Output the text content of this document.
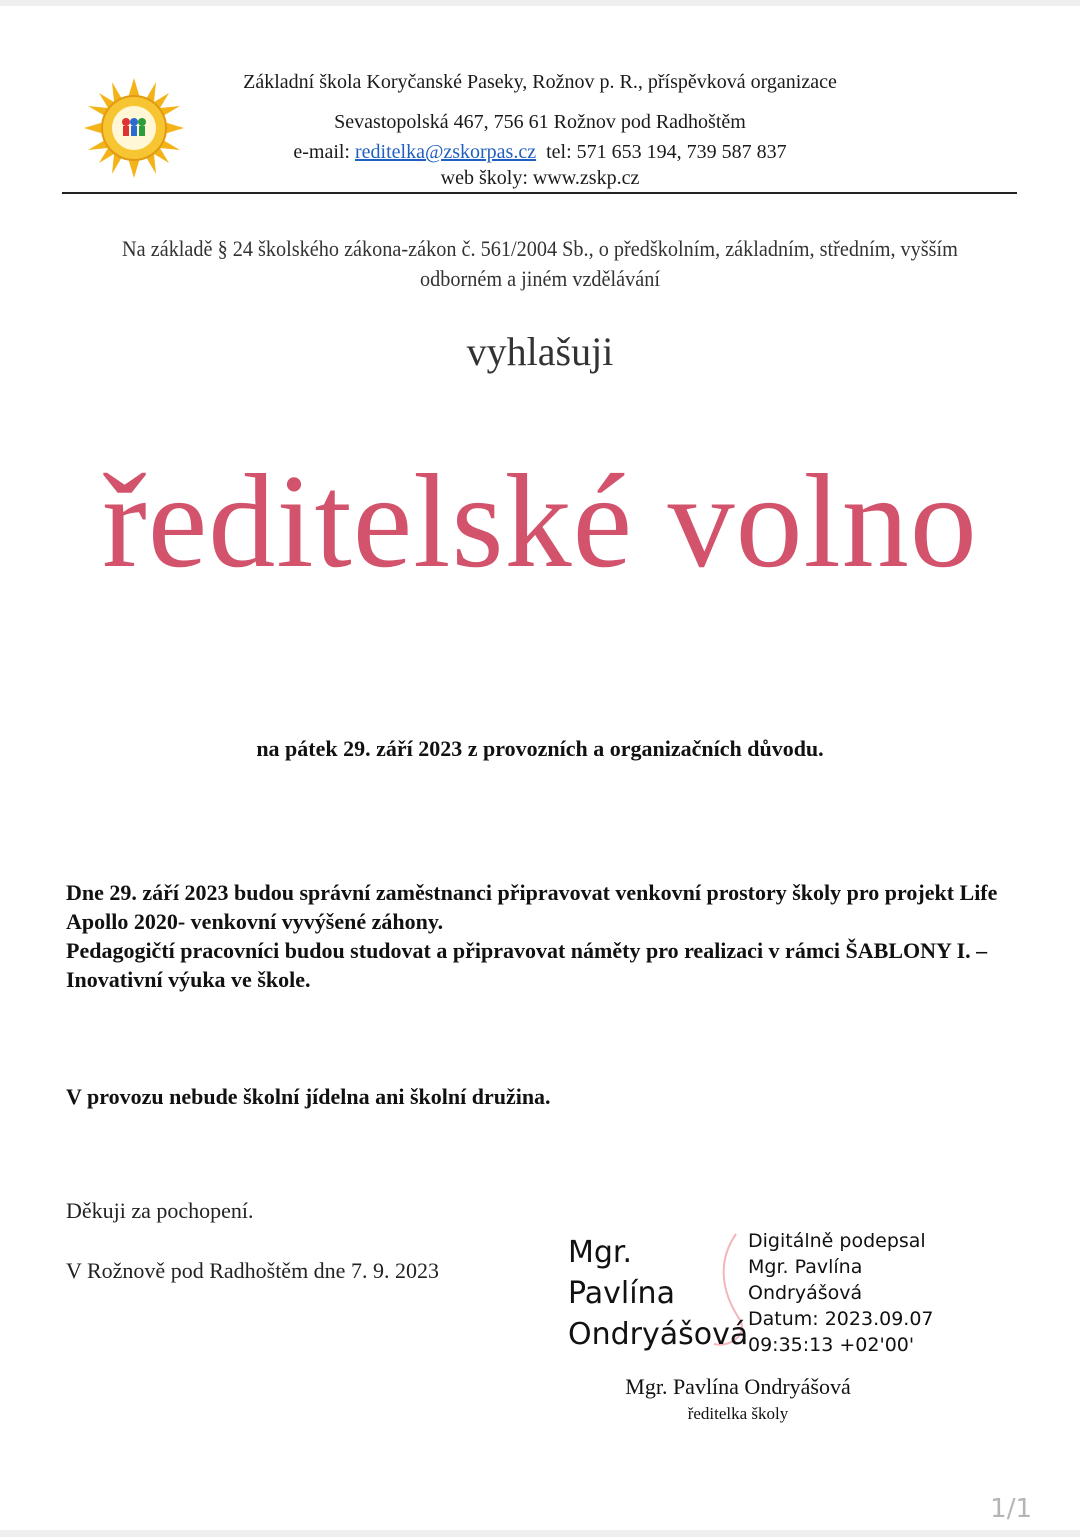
Základní škola Koryčanské Paseky, Rožnov p. R., příspěvková organizace
Sevastopolská 467, 756 61 Rožnov pod Radhoštěm
e-mail: reditelka@zskorpas.cz tel: 571 653 194, 739 587 837
web školy: www.zskp.cz
Na základě § 24 školského zákona-zákon č. 561/2004 Sb., o předškolním, základním, středním, vyšším
odborném a jiném vzdělávání
vyhlašuji
ředitelské volno
na pátek 29. září 2023 z provozních a organizačních důvodu.
Dne 29. září 2023 budou správní zaměstnanci připravovat venkovní prostory školy pro projekt Life Apollo 2020- venkovní vyvýšené záhony.
Pedagogičtí pracovníci budou studovat a připravovat náměty pro realizaci v rámci ŠABLONY I. – Inovativní výuka ve škole.
V provozu nebude školní jídelna ani školní družina.
Děkuji za pochopení.
V Rožnově pod Radhoštěm dne 7. 9. 2023
Mgr.
Pavlína
Ondryášová
Digitálně podepsal
Mgr. Pavlína
Ondryášová
Datum: 2023.09.07
09:35:13 +02'00'
Mgr. Pavlína Ondryášová
ředitelka školy
1/1
